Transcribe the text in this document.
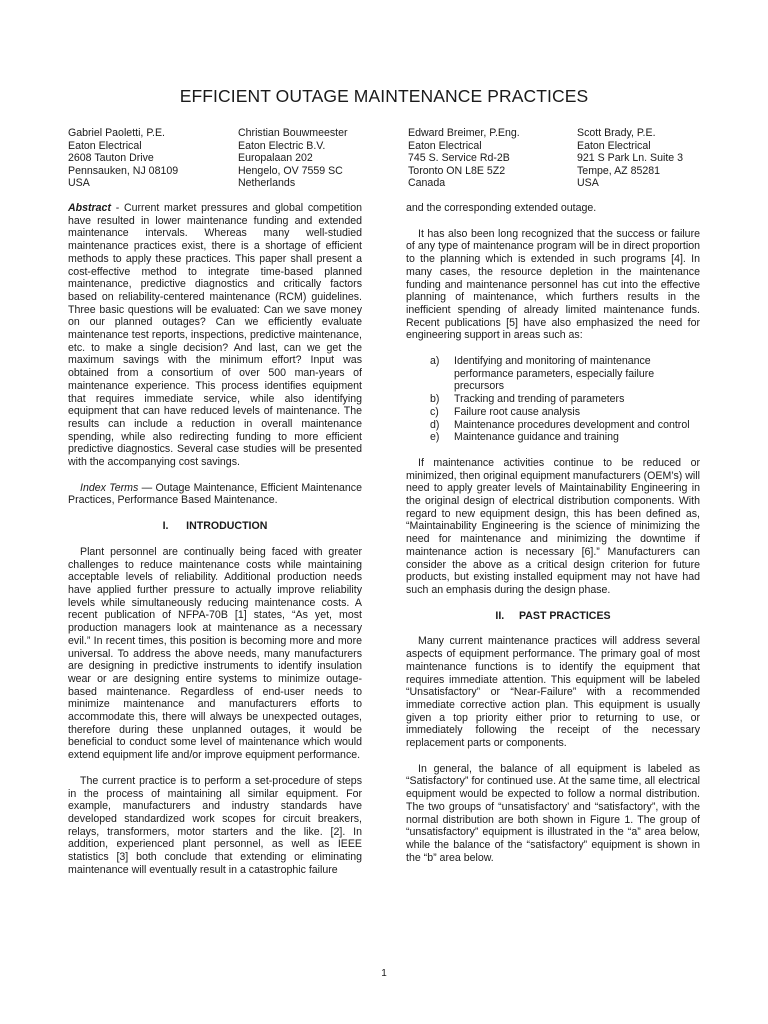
EFFICIENT OUTAGE MAINTENANCE PRACTICES
Gabriel Paoletti, P.E.
Eaton Electrical
2608 Tauton Drive
Pennsauken, NJ 08109
USA
Christian Bouwmeester
Eaton Electric B.V.
Europalaan 202
Hengelo, OV 7559 SC
Netherlands
Edward Breimer, P.Eng.
Eaton Electrical
745 S. Service Rd-2B
Toronto ON L8E 5Z2
Canada
Scott Brady, P.E.
Eaton Electrical
921 S Park Ln. Suite 3
Tempe, AZ 85281
USA

Abstract - Current market pressures and global competition have resulted in lower maintenance funding and extended maintenance intervals. Whereas many well-studied maintenance practices exist, there is a shortage of efficient methods to apply these practices. This paper shall present a cost-effective method to integrate time-based planned maintenance, predictive diagnostics and critically factors based on reliability-centered maintenance (RCM) guidelines. Three basic questions will be evaluated: Can we save money on our planned outages? Can we efficiently evaluate maintenance test reports, inspections, predictive maintenance, etc. to make a single decision? And last, can we get the maximum savings with the minimum effort? Input was obtained from a consortium of over 500 man-years of maintenance experience. This process identifies equipment that requires immediate service, while also identifying equipment that can have reduced levels of maintenance. The results can include a reduction in overall maintenance spending, while also redirecting funding to more efficient predictive diagnostics. Several case studies will be presented with the accompanying cost savings.

Index Terms — Outage Maintenance, Efficient Maintenance Practices, Performance Based Maintenance.

I.      INTRODUCTION

Plant personnel are continually being faced with greater challenges to reduce maintenance costs while maintaining acceptable levels of reliability. Additional production needs have applied further pressure to actually improve reliability levels while simultaneously reducing maintenance costs. A recent publication of NFPA-70B [1] states, “As yet, most production managers look at maintenance as a necessary evil.” In recent times, this position is becoming more and more universal. To address the above needs, many manufacturers are designing in predictive instruments to identify insulation wear or are designing entire systems to minimize outage-based maintenance. Regardless of end-user needs to minimize maintenance and manufacturers efforts to accommodate this, there will always be unexpected outages, therefore during these unplanned outages, it would be beneficial to conduct some level of maintenance which would extend equipment life and/or improve equipment performance.

The current practice is to perform a set-procedure of steps in the process of maintaining all similar equipment. For example, manufacturers and industry standards have developed standardized work scopes for circuit breakers, relays, transformers, motor starters and the like. [2]. In addition, experienced plant personnel, as well as IEEE statistics [3] both conclude that extending or eliminating maintenance will eventually result in a catastrophic failure

and the corresponding extended outage.

It has also been long recognized that the success or failure of any type of maintenance program will be in direct proportion to the planning which is extended in such programs [4]. In many cases, the resource depletion in the maintenance funding and maintenance personnel has cut into the effective planning of maintenance, which furthers results in the inefficient spending of already limited maintenance funds. Recent publications [5] have also emphasized the need for engineering support in areas such as:

a)	Identifying and monitoring of maintenance performance parameters, especially failure precursors
b)	Tracking and trending of parameters
c)	Failure root cause analysis
d)	Maintenance procedures development and control
e)	Maintenance guidance and training

If maintenance activities continue to be reduced or minimized, then original equipment manufacturers (OEM’s) will need to apply greater levels of Maintainability Engineering in the original design of electrical distribution components. With regard to new equipment design, this has been defined as, “Maintainability Engineering is the science of minimizing the need for maintenance and minimizing the downtime if maintenance action is necessary [6].” Manufacturers can consider the above as a critical design criterion for future products, but existing installed equipment may not have had such an emphasis during the design phase.

II.     PAST PRACTICES

Many current maintenance practices will address several aspects of equipment performance. The primary goal of most maintenance functions is to identify the equipment that requires immediate attention. This equipment will be labeled “Unsatisfactory” or “Near-Failure” with a recommended immediate corrective action plan. This equipment is usually given a top priority either prior to returning to use, or immediately following the receipt of the necessary replacement parts or components.

In general, the balance of all equipment is labeled as “Satisfactory” for continued use. At the same time, all electrical equipment would be expected to follow a normal distribution. The two groups of “unsatisfactory’ and “satisfactory”, with the normal distribution are both shown in Figure 1. The group of “unsatisfactory” equipment is illustrated in the “a” area below, while the balance of the “satisfactory” equipment is shown in the “b” area below.

1
